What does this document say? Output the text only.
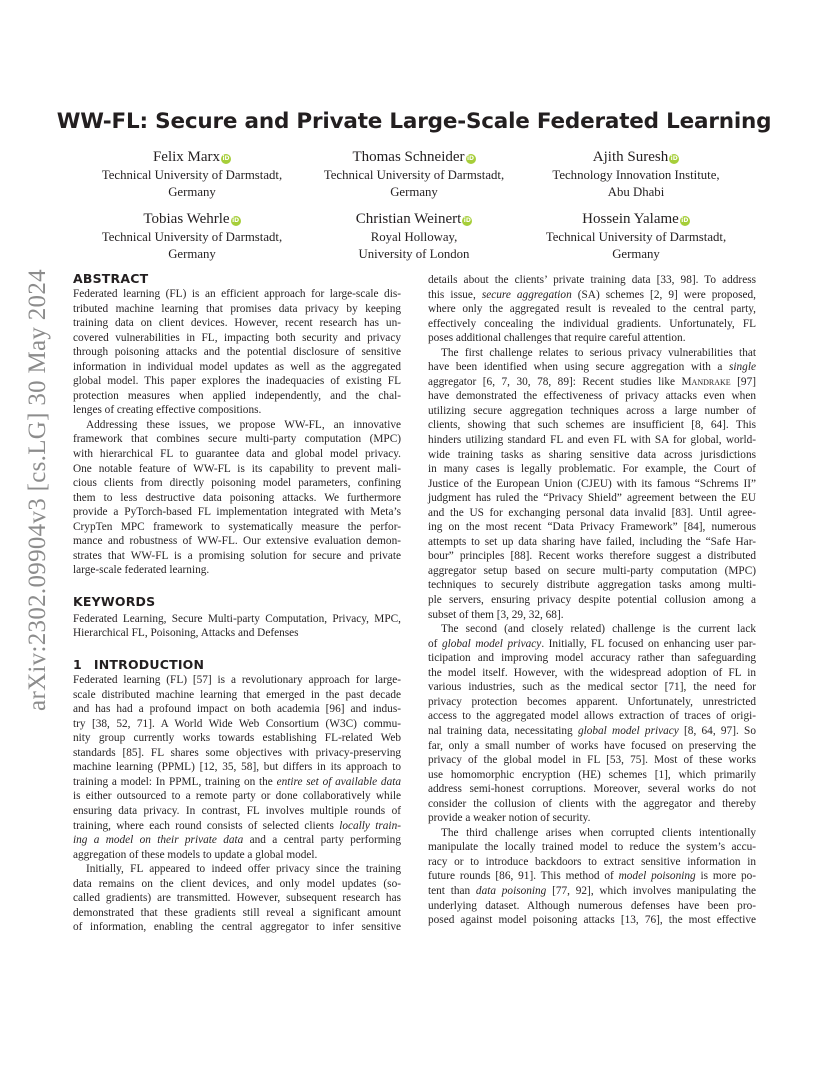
arXiv:2302.09904v3 [cs.LG] 30 May 2024
WW-FL: Secure and Private Large-Scale Federated Learning
Felix Marx iD
Technical University of Darmstadt,
Germany
Thomas Schneider iD
Technical University of Darmstadt,
Germany
Ajith Suresh iD
Technology Innovation Institute,
Abu Dhabi
Tobias Wehrle iD
Technical University of Darmstadt,
Germany
Christian Weinert iD
Royal Holloway,
University of London
Hossein Yalame iD
Technical University of Darmstadt,
Germany
ABSTRACT

Federated learning (FL) is an efficient approach for large-scale dis-
tributed machine learning that promises data privacy by keeping
training data on client devices. However, recent research has un-
covered vulnerabilities in FL, impacting both security and privacy
through poisoning attacks and the potential disclosure of sensitive
information in individual model updates as well as the aggregated
global model. This paper explores the inadequacies of existing FL
protection measures when applied independently, and the chal-
lenges of creating effective compositions.

Addressing these issues, we propose WW-FL, an innovative
framework that combines secure multi-party computation (MPC)
with hierarchical FL to guarantee data and global model privacy.
One notable feature of WW-FL is its capability to prevent mali-
cious clients from directly poisoning model parameters, confining
them to less destructive data poisoning attacks. We furthermore
provide a PyTorch-based FL implementation integrated with Meta’s
CrypTen MPC framework to systematically measure the perfor-
mance and robustness of WW-FL. Our extensive evaluation demon-
strates that WW-FL is a promising solution for secure and private
large-scale federated learning.

KEYWORDS

Federated Learning, Secure Multi-party Computation, Privacy, MPC,
Hierarchical FL, Poisoning, Attacks and Defenses

1 INTRODUCTION

Federated learning (FL) [57] is a revolutionary approach for large-
scale distributed machine learning that emerged in the past decade
and has had a profound impact on both academia [96] and indus-
try [38, 52, 71]. A World Wide Web Consortium (W3C) commu-
nity group currently works towards establishing FL-related Web
standards [85]. FL shares some objectives with privacy-preserving
machine learning (PPML) [12, 35, 58], but differs in its approach to
training a model: In PPML, training on the entire set of available data
is either outsourced to a remote party or done collaboratively while
ensuring data privacy. In contrast, FL involves multiple rounds of
training, where each round consists of selected clients locally train-
ing a model on their private data and a central party performing
aggregation of these models to update a global model.

Initially, FL appeared to indeed offer privacy since the training
data remains on the client devices, and only model updates (so-
called gradients) are transmitted. However, subsequent research has
demonstrated that these gradients still reveal a significant amount
of information, enabling the central aggregator to infer sensitive

details about the clients’ private training data [33, 98]. To address
this issue, secure aggregation (SA) schemes [2, 9] were proposed,
where only the aggregated result is revealed to the central party,
effectively concealing the individual gradients. Unfortunately, FL
poses additional challenges that require careful attention.

The first challenge relates to serious privacy vulnerabilities that
have been identified when using secure aggregation with a single
aggregator [6, 7, 30, 78, 89]: Recent studies like Mandrake [97]
have demonstrated the effectiveness of privacy attacks even when
utilizing secure aggregation techniques across a large number of
clients, showing that such schemes are insufficient [8, 64]. This
hinders utilizing standard FL and even FL with SA for global, world-
wide training tasks as sharing sensitive data across jurisdictions
in many cases is legally problematic. For example, the Court of
Justice of the European Union (CJEU) with its famous “Schrems II”
judgment has ruled the “Privacy Shield” agreement between the EU
and the US for exchanging personal data invalid [83]. Until agree-
ing on the most recent “Data Privacy Framework” [84], numerous
attempts to set up data sharing have failed, including the “Safe Har-
bour” principles [88]. Recent works therefore suggest a distributed
aggregator setup based on secure multi-party computation (MPC)
techniques to securely distribute aggregation tasks among multi-
ple servers, ensuring privacy despite potential collusion among a
subset of them [3, 29, 32, 68].

The second (and closely related) challenge is the current lack
of global model privacy. Initially, FL focused on enhancing user par-
ticipation and improving model accuracy rather than safeguarding
the model itself. However, with the widespread adoption of FL in
various industries, such as the medical sector [71], the need for
privacy protection becomes apparent. Unfortunately, unrestricted
access to the aggregated model allows extraction of traces of origi-
nal training data, necessitating global model privacy [8, 64, 97]. So
far, only a small number of works have focused on preserving the
privacy of the global model in FL [53, 75]. Most of these works
use homomorphic encryption (HE) schemes [1], which primarily
address semi-honest corruptions. Moreover, several works do not
consider the collusion of clients with the aggregator and thereby
provide a weaker notion of security.

The third challenge arises when corrupted clients intentionally
manipulate the locally trained model to reduce the system’s accu-
racy or to introduce backdoors to extract sensitive information in
future rounds [86, 91]. This method of model poisoning is more po-
tent than data poisoning [77, 92], which involves manipulating the
underlying dataset. Although numerous defenses have been pro-
posed against model poisoning attacks [13, 76], the most effective
